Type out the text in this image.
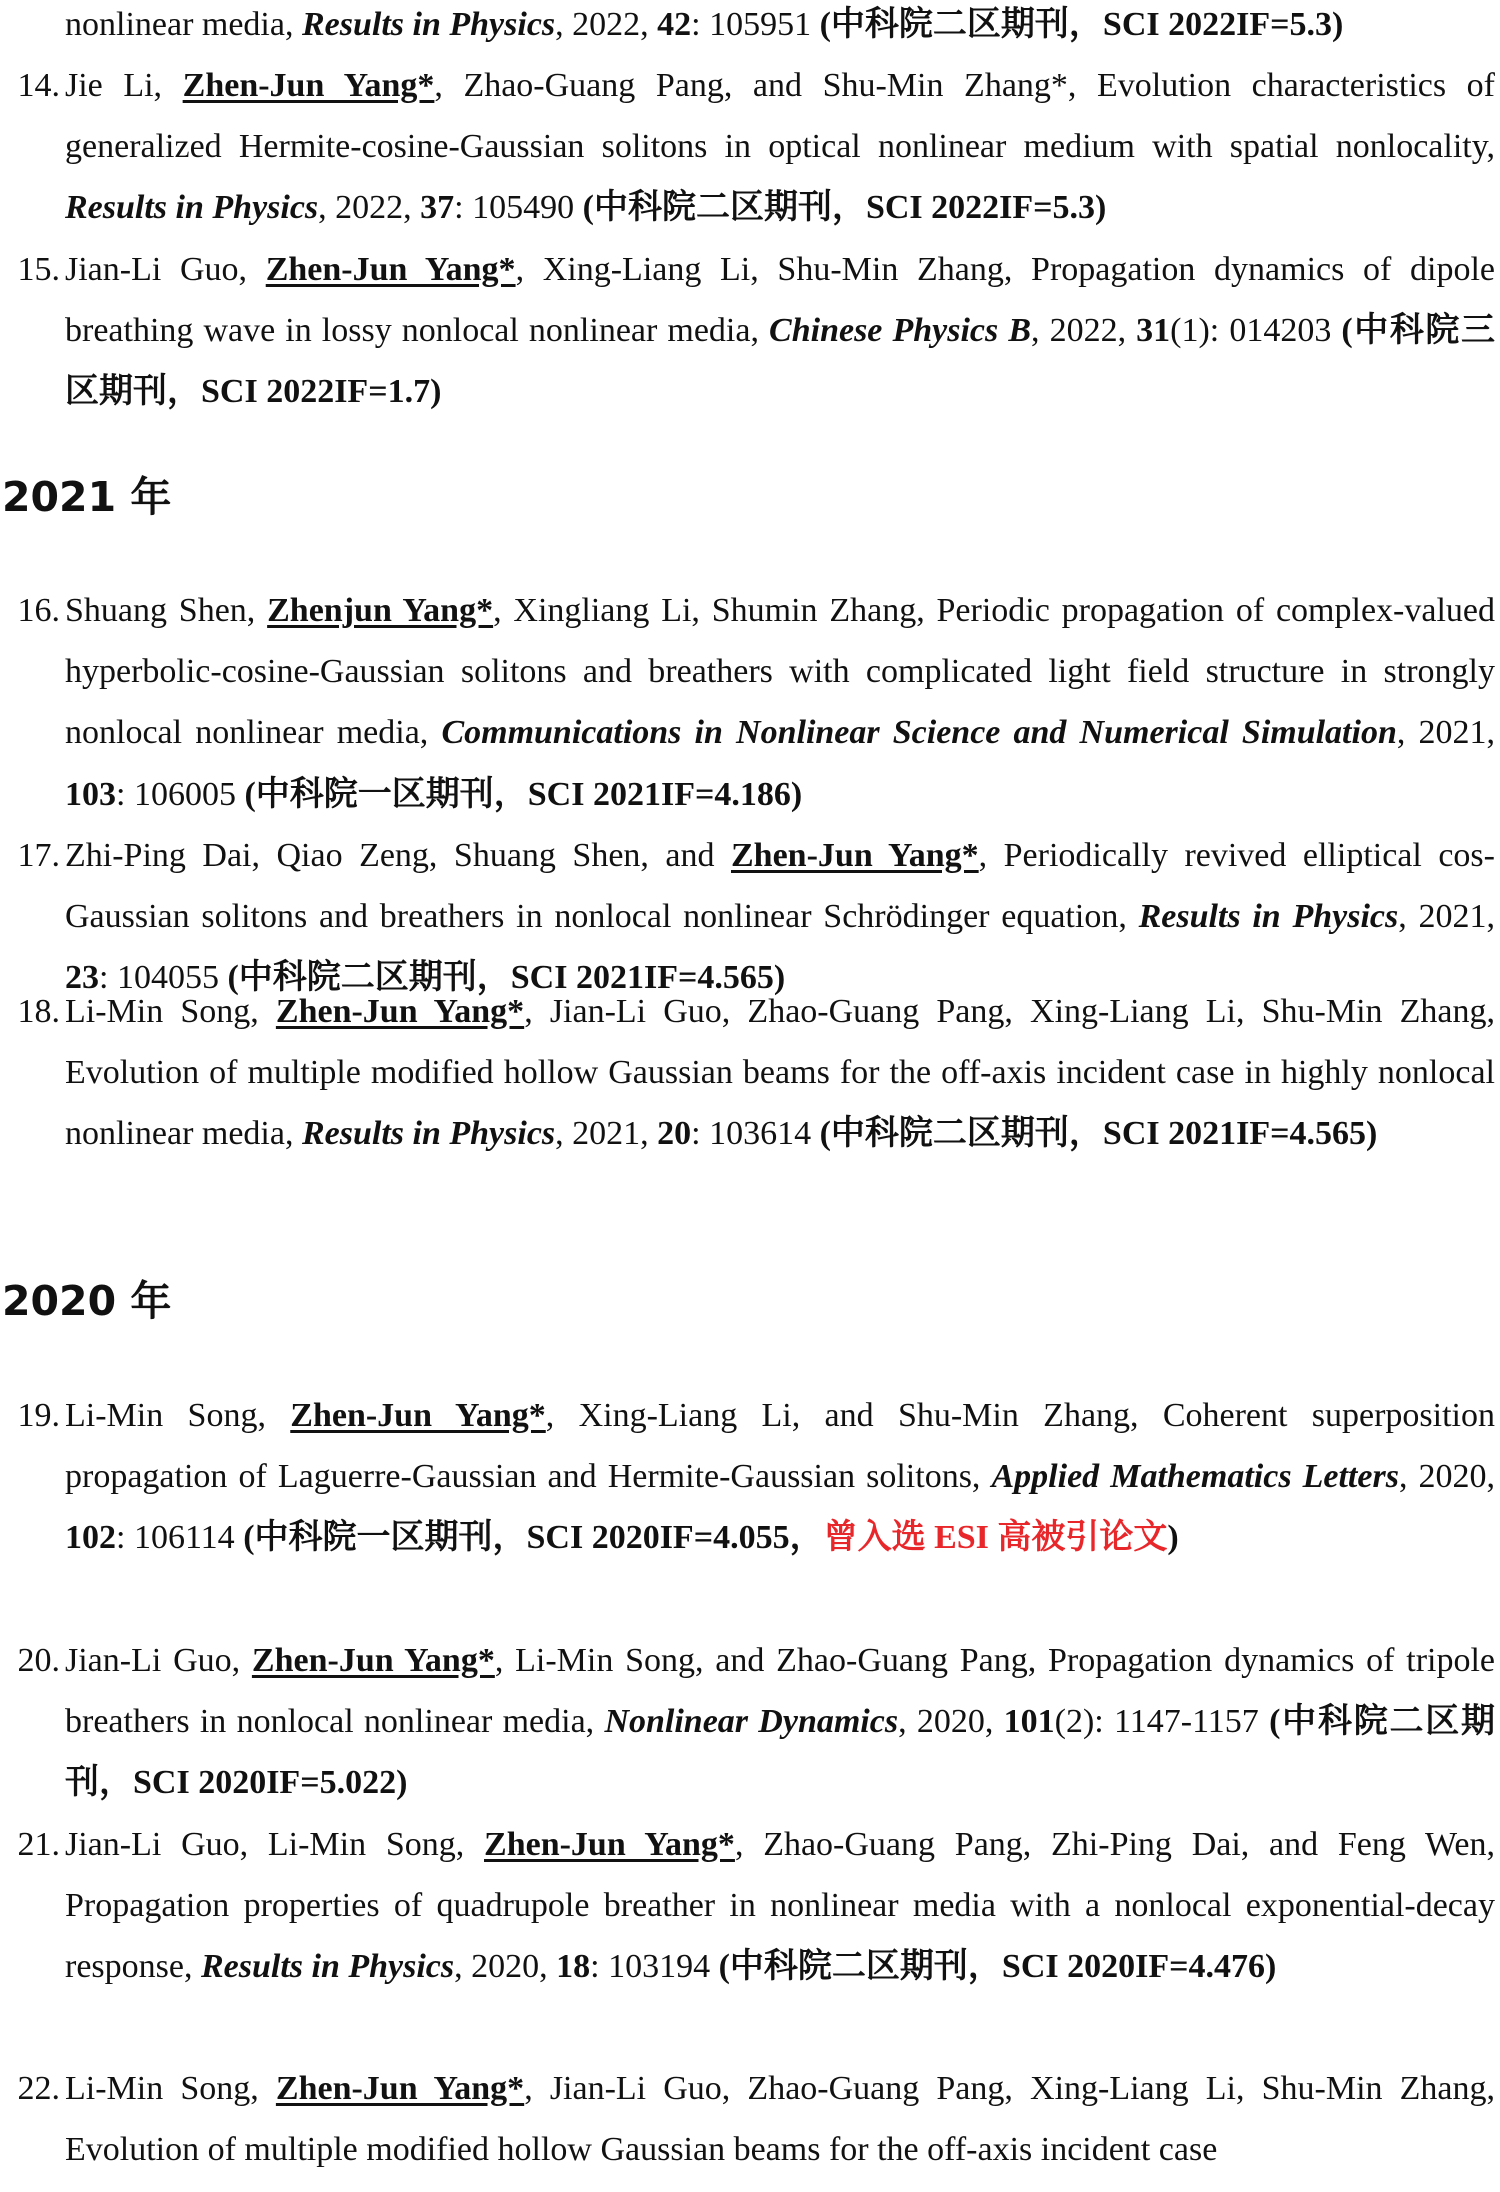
nonlinear media, Results in Physics, 2022, 42: 105951 (中科院二区期刊，SCI 2022IF=5.3)
14. Jie Li, Zhen-Jun Yang*, Zhao-Guang Pang, and Shu-Min Zhang*, Evolution characteristics of generalized Hermite-cosine-Gaussian solitons in optical nonlinear medium with spatial nonlocality, Results in Physics, 2022, 37: 105490 (中科院二区期刊，SCI 2022IF=5.3)
15. Jian-Li Guo, Zhen-Jun Yang*, Xing-Liang Li, Shu-Min Zhang, Propagation dynamics of dipole breathing wave in lossy nonlocal nonlinear media, Chinese Physics B, 2022, 31(1): 014203 (中科院三区期刊，SCI 2022IF=1.7)
16. Shuang Shen, Zhenjun Yang*, Xingliang Li, Shumin Zhang, Periodic propagation of complex-valued hyperbolic-cosine-Gaussian solitons and breathers with complicated light field structure in strongly nonlocal nonlinear media, Communications in Nonlinear Science and Numerical Simulation, 2021, 103: 106005 (中科院一区期刊，SCI 2021IF=4.186)
17. Zhi-Ping Dai, Qiao Zeng, Shuang Shen, and Zhen-Jun Yang*, Periodically revived elliptical cos-Gaussian solitons and breathers in nonlocal nonlinear Schrödinger equation, Results in Physics, 2021, 23: 104055 (中科院二区期刊，SCI 2021IF=4.565)
18. Li-Min Song, Zhen-Jun Yang*, Jian-Li Guo, Zhao-Guang Pang, Xing-Liang Li, Shu-Min Zhang, Evolution of multiple modified hollow Gaussian beams for the off-axis incident case in highly nonlocal nonlinear media, Results in Physics, 2021, 20: 103614 (中科院二区期刊，SCI 2021IF=4.565)
19. Li-Min Song, Zhen-Jun Yang*, Xing-Liang Li, and Shu-Min Zhang, Coherent superposition propagation of Laguerre-Gaussian and Hermite-Gaussian solitons, Applied Mathematics Letters, 2020, 102: 106114 (中科院一区期刊，SCI 2020IF=4.055，曾入选 ESI 高被引论文)
20. Jian-Li Guo, Zhen-Jun Yang*, Li-Min Song, and Zhao-Guang Pang, Propagation dynamics of tripole breathers in nonlocal nonlinear media, Nonlinear Dynamics, 2020, 101(2): 1147-1157 (中科院二区期刊，SCI 2020IF=5.022)
21. Jian-Li Guo, Li-Min Song, Zhen-Jun Yang*, Zhao-Guang Pang, Zhi-Ping Dai, and Feng Wen, Propagation properties of quadrupole breather in nonlinear media with a nonlocal exponential-decay response, Results in Physics, 2020, 18: 103194 (中科院二区期刊，SCI 2020IF=4.476)
22. Li-Min Song, Zhen-Jun Yang*, Jian-Li Guo, Zhao-Guang Pang, Xing-Liang Li, Shu-Min Zhang, Evolution of multiple modified hollow Gaussian beams for the off-axis incident case
2021 年
2020 年
